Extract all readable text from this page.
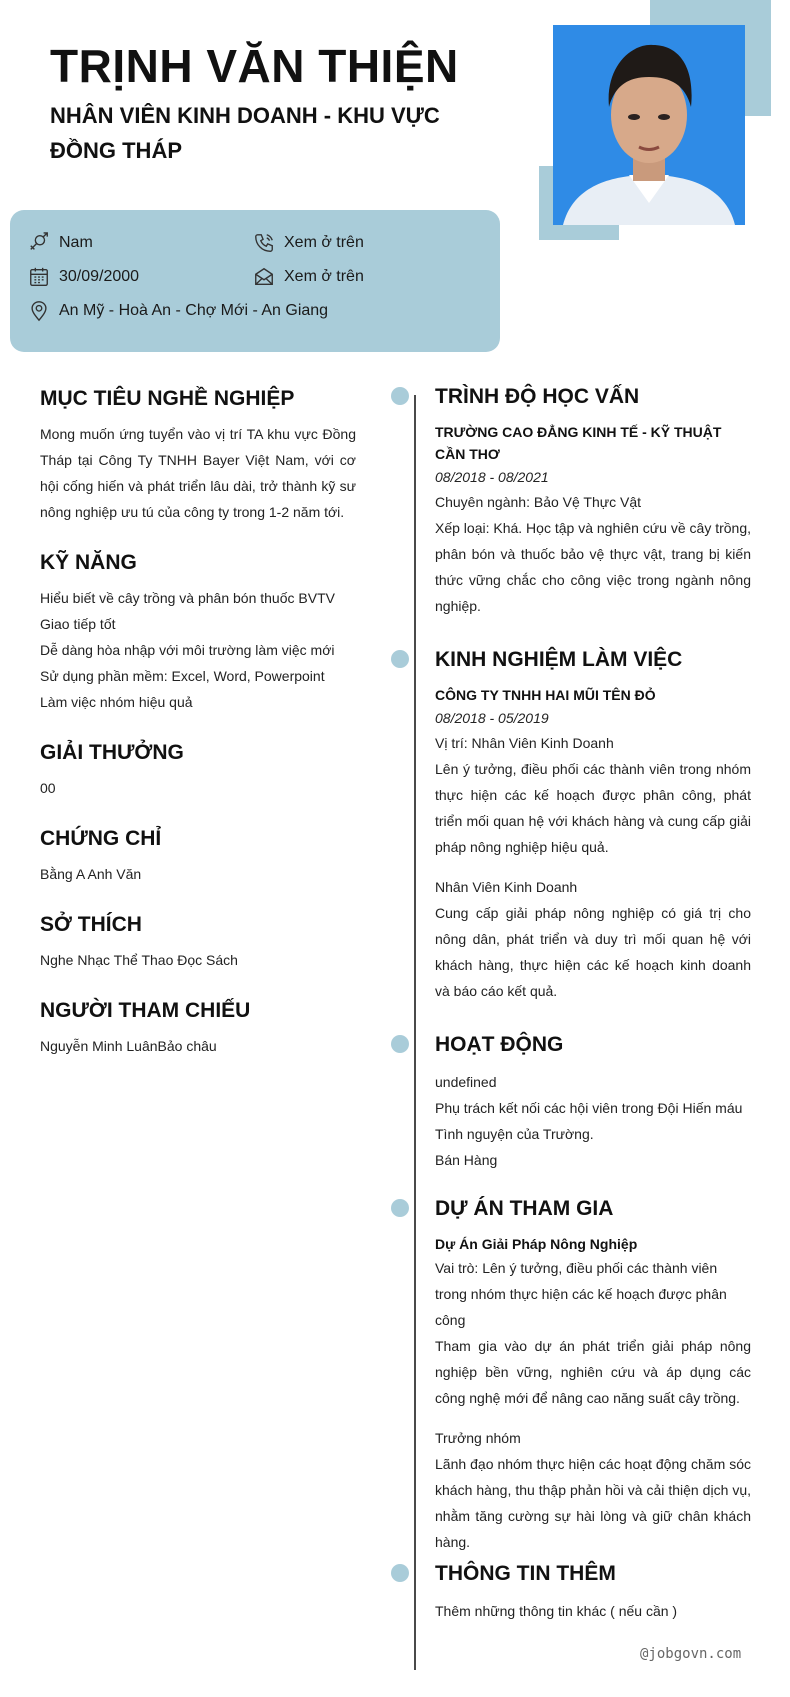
TRỊNH VĂN THIỆN
NHÂN VIÊN KINH DOANH - KHU VỰC ĐỒNG THÁP
Nam	Xem ở trên
30/09/2000	Xem ở trên
An Mỹ - Hoà An - Chợ Mới - An Giang
MỤC TIÊU NGHỀ NGHIỆP

Mong muốn ứng tuyển vào vị trí TA khu vực Đồng Tháp tại Công Ty TNHH Bayer Việt Nam, với cơ hội cống hiến và phát triển lâu dài, trở thành kỹ sư nông nghiệp ưu tú của công ty trong 1-2 năm tới.

KỸ NĂNG

Hiểu biết về cây trồng và phân bón thuốc BVTV

Giao tiếp tốt

Dễ dàng hòa nhập với môi trường làm việc mới

Sử dụng phần mềm: Excel, Word, Powerpoint

Làm việc nhóm hiệu quả

GIẢI THƯỞNG

00

CHỨNG CHỈ

Bằng A Anh Văn

SỞ THÍCH

Nghe Nhạc Thể Thao Đọc Sách

NGƯỜI THAM CHIẾU

Nguyễn Minh LuânBảo châu

TRÌNH ĐỘ HỌC VẤN

TRƯỜNG CAO ĐẲNG KINH TẾ - KỸ THUẬT CẦN THƠ

08/2018 - 08/2021

Chuyên ngành: Bảo Vệ Thực Vật

Xếp loại: Khá. Học tập và nghiên cứu về cây trồng, phân bón và thuốc bảo vệ thực vật, trang bị kiến thức vững chắc cho công việc trong ngành nông nghiệp.

KINH NGHIỆM LÀM VIỆC

CÔNG TY TNHH HAI MŨI TÊN ĐỎ

08/2018 - 05/2019

Vị trí: Nhân Viên Kinh Doanh

Lên ý tưởng, điều phối các thành viên trong nhóm thực hiện các kế hoạch được phân công, phát triển mối quan hệ với khách hàng và cung cấp giải pháp nông nghiệp hiệu quả.

Nhân Viên Kinh Doanh

Cung cấp giải pháp nông nghiệp có giá trị cho nông dân, phát triển và duy trì mối quan hệ với khách hàng, thực hiện các kế hoạch kinh doanh và báo cáo kết quả.

HOẠT ĐỘNG

undefined

Phụ trách kết nối các hội viên trong Đội Hiến máu Tình nguyện của Trường.

Bán Hàng

DỰ ÁN THAM GIA

Dự Án Giải Pháp Nông Nghiệp

Vai trò: Lên ý tưởng, điều phối các thành viên trong nhóm thực hiện các kế hoạch được phân công

Tham gia vào dự án phát triển giải pháp nông nghiệp bền vững, nghiên cứu và áp dụng các công nghệ mới để nâng cao năng suất cây trồng.

Trưởng nhóm

Lãnh đạo nhóm thực hiện các hoạt động chăm sóc khách hàng, thu thập phản hồi và cải thiện dịch vụ, nhằm tăng cường sự hài lòng và giữ chân khách hàng.

THÔNG TIN THÊM

Thêm những thông tin khác ( nếu cần )

@jobgovn.com
